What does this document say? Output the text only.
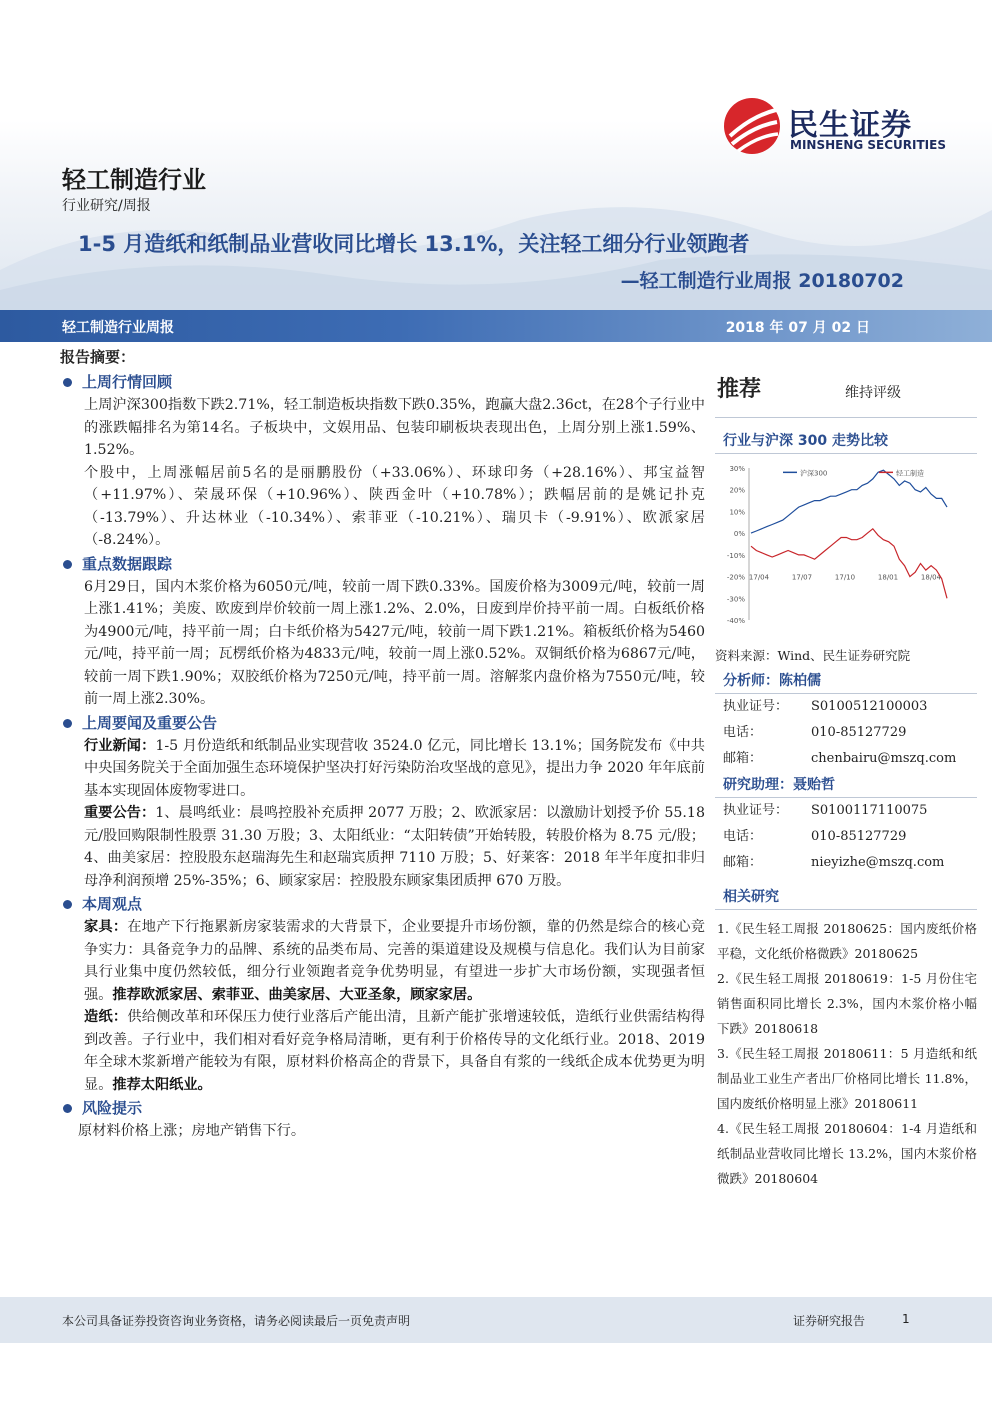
民生证券
MINSHENG SECURITIES
轻工制造行业
行业研究/周报
1-5 月造纸和纸制品业营收同比增长 13.1%，关注轻工细分行业领跑者
—轻工制造行业周报 20180702
轻工制造行业周报	2018 年 07 月 02 日
报告摘要：
上周行情回顾

上周沪深300指数下跌2.71%，轻工制造板块指数下跌0.35%，跑赢大盘2.36ct，在28个子行业中的涨跌幅排名为第14名。子板块中，文娱用品、包装印刷板块表现出色，上周分别上涨1.59%、1.52%。

个股中，上周涨幅居前5名的是丽鹏股份（+33.06%）、环球印务（+28.16%）、邦宝益智（+11.97%）、荣晟环保（+10.96%）、陕西金叶（+10.78%）；跌幅居前的是姚记扑克（-13.79%）、升达林业（-10.34%）、索菲亚（-10.21%）、瑞贝卡（-9.91%）、欧派家居（-8.24%）。

重点数据跟踪

6月29日，国内木浆价格为6050元/吨，较前一周下跌0.33%。国废价格为3009元/吨，较前一周上涨1.41%；美废、欧废到岸价较前一周上涨1.2%、2.0%，日废到岸价持平前一周。白板纸价格为4900元/吨，持平前一周；白卡纸价格为5427元/吨，较前一周下跌1.21%。箱板纸价格为5460元/吨，持平前一周；瓦楞纸价格为4833元/吨，较前一周上涨0.52%。双铜纸价格为6867元/吨，较前一周下跌1.90%；双胶纸价格为7250元/吨，持平前一周。溶解浆内盘价格为7550元/吨，较前一周上涨2.30%。

上周要闻及重要公告

行业新闻：1-5 月份造纸和纸制品业实现营收 3524.0 亿元，同比增长 13.1%；国务院发布《中共中央国务院关于全面加强生态环境保护坚决打好污染防治攻坚战的意见》，提出力争 2020 年年底前基本实现固体废物零进口。

重要公告：1、晨鸣纸业：晨鸣控股补充质押 2077 万股；2、欧派家居：以激励计划授予价 55.18 元/股回购限制性股票 31.30 万股；3、太阳纸业：“太阳转债”开始转股，转股价格为 8.75 元/股；4、曲美家居：控股股东赵瑞海先生和赵瑞宾质押 7110 万股；5、好莱客：2018 年半年度扣非归母净利润预增 25%-35%；6、顾家家居：控股股东顾家集团质押 670 万股。

本周观点

家具：在地产下行拖累新房家装需求的大背景下，企业要提升市场份额，靠的仍然是综合的核心竞争实力：具备竞争力的品牌、系统的品类布局、完善的渠道建设及规模与信息化。我们认为目前家具行业集中度仍然较低，细分行业领跑者竞争优势明显，有望进一步扩大市场份额，实现强者恒强。推荐欧派家居、索菲亚、曲美家居、大亚圣象，顾家家居。

造纸：供给侧改革和环保压力使行业落后产能出清，且新产能扩张增速较低，造纸行业供需结构得到改善。子行业中，我们相对看好竞争格局清晰，更有利于价格传导的文化纸行业。2018、2019年全球木浆新增产能较为有限，原材料价格高企的背景下，具备自有浆的一线纸企成本优势更为明显。推荐太阳纸业。

风险提示

原材料价格上涨；房地产销售下行。

推荐	维持评级
行业与沪深 300 走势比较
30%
20%
10%
0%
-10%
-20%
-30%
-40%
17/04	17/07	17/10	18/01	18/04
沪深300	轻工制造
资料来源：Wind、民生证券研究院
分析师：陈柏儒
执业证号：	S0100512100003
电话：	010-85127729
邮箱：	chenbairu@mszq.com
研究助理：聂贻哲
执业证号：	S0100117110075
电话：	010-85127729
邮箱：	nieyizhe@mszq.com
相关研究
1.《民生轻工周报 20180625：国内废纸价格平稳，文化纸价格微跌》20180625
2.《民生轻工周报 20180619：1-5 月份住宅销售面积同比增长 2.3%，国内木浆价格小幅下跌》20180618
3.《民生轻工周报 20180611：5 月造纸和纸制品业工业生产者出厂价格同比增长 11.8%，国内废纸价格明显上涨》20180611
4.《民生轻工周报 20180604：1-4 月造纸和纸制品业营收同比增长 13.2%，国内木浆价格微跌》20180604
本公司具备证券投资咨询业务资格，请务必阅读最后一页免责声明	证券研究报告	1
